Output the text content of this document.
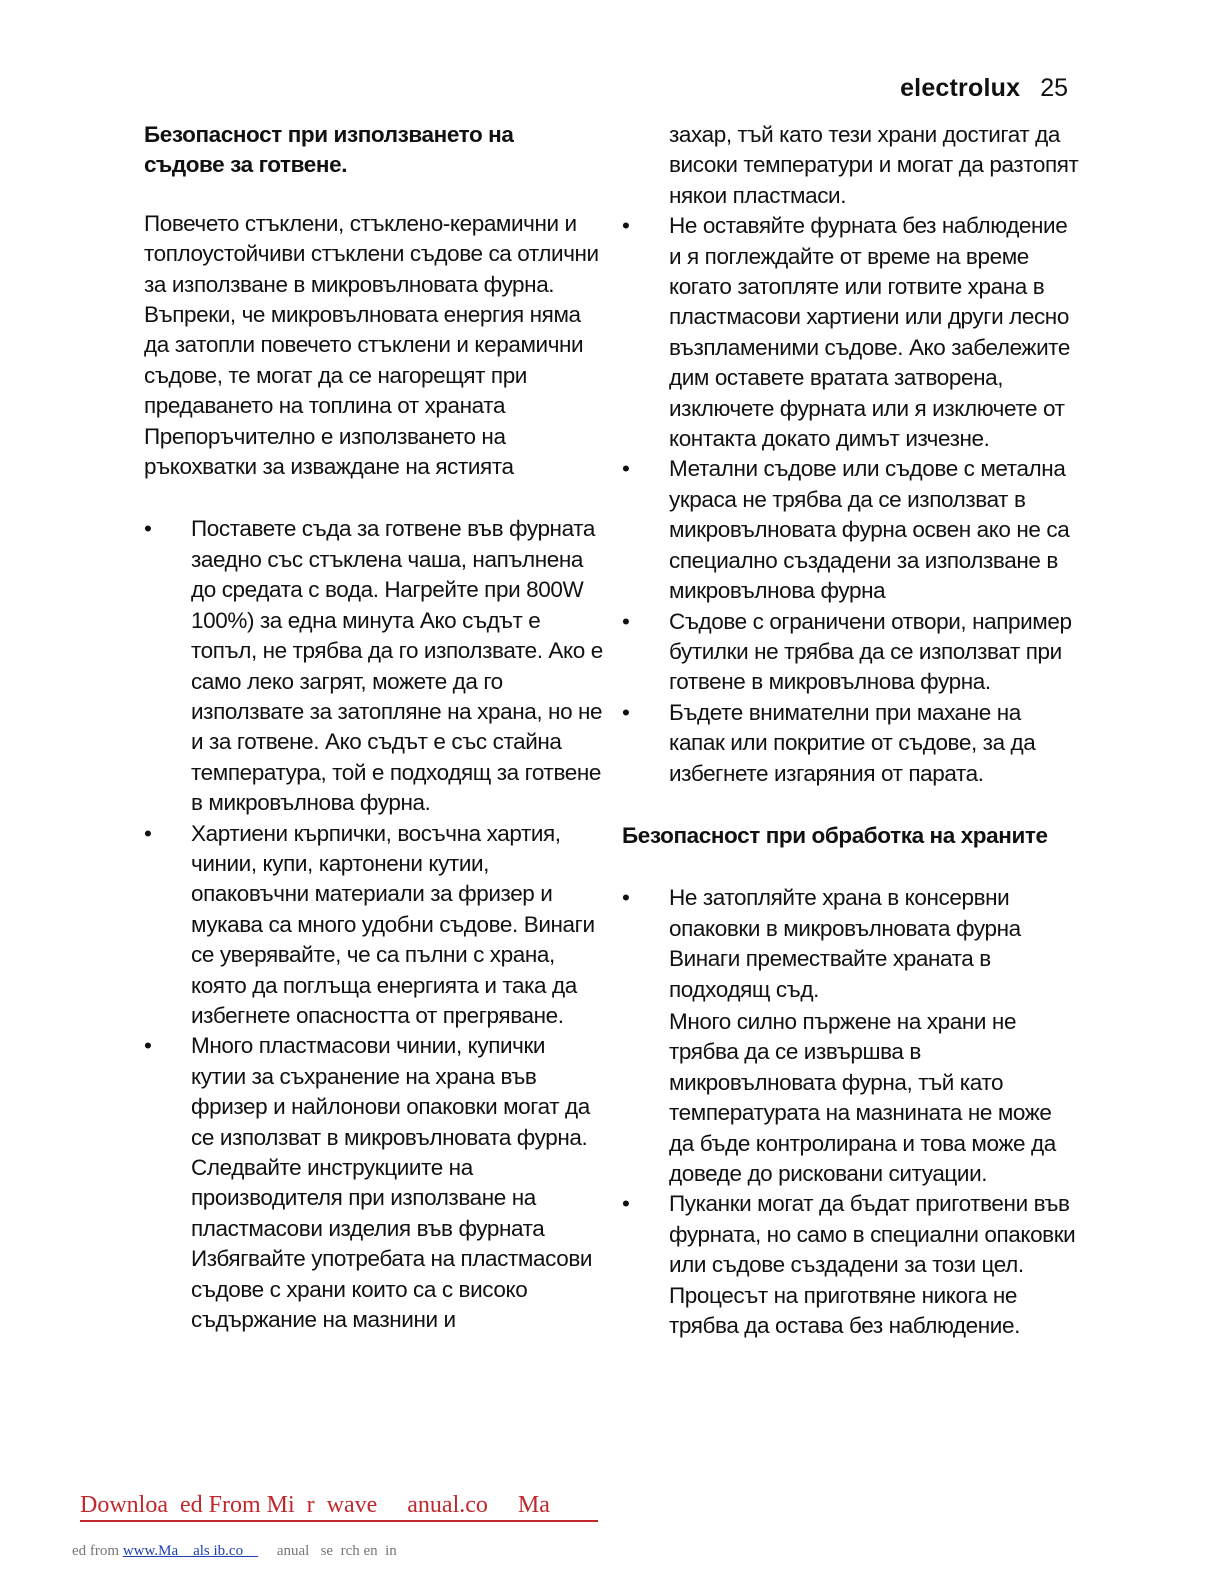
electrolux 25

Безопасност при използването на
съдове за готвене.

Повечето стъклени, стъклено-керамични и топлоустойчиви стъклени съдове са отлични за използване в микровълновата фурна. Въпреки, че микровълновата енергия няма да затопли повечето стъклени и керамични съдове, те могат да се нагорещят при предаването на топлина от храната Препоръчително е използването на ръкохватки за изваждане на ястията

•	Поставете съда за готвене във фурната заедно със стъклена чаша, напълнена до средата с вода. Нагрейте при 800W 100%) за една минута Ако съдът е топъл, не трябва да го използвате. Ако е само леко загрят, можете да го използвате за затопляне на храна, но не и за готвене. Ако съдът е със стайна температура, той е подходящ за готвене в микровълнова фурна.
•	Хартиени кърпички, восъчна хартия, чинии, купи, картонени кутии, опаковъчни материали за фризер и мукава са много удобни съдове. Винаги се уверявайте, че са пълни с храна, която да поглъща енергията и така да избегнете опасността от прегряване.
•	Много пластмасови чинии, купички кутии за съхранение на храна във фризер и найлонови опаковки могат да се използват в микровълновата фурна. Следвайте инструкциите на производителя при използване на пластмасови изделия във фурната Избягвайте употребата на пластмасови съдове с храни които са с високо съдържание на мазнини и
захар, тъй като тези храни достигат да високи температури и могат да разтопят някои пластмаси.
•	Не оставяйте фурната без наблюдение и я поглеждайте от време на време когато затопляте или готвите храна в пластмасови хартиени или други лесно възпламеними съдове. Ако забележите дим оставете вратата затворена, изключете фурната или я изключете от контакта докато димът изчезне.
•	Метални съдове или съдове с метална украса не трябва да се използват в микровълновата фурна освен ако не са специално създадени за използване в микровълнова фурна
•	Съдове с ограничени отвори, например бутилки не трябва да се използват при готвене в микровълнова фурна.
•	Бъдете внимателни при махане на капак или покритие от съдове, за да избегнете изгаряния от парата.

Безопасност при обработка на храните

•	Не затопляйте храна в консервни опаковки в микровълновата фурна Винаги премествайте храната в подходящ съд.
Много силно пържене на храни не трябва да се извършва в микровълновата фурна, тъй като температурата на мазнината не може да бъде контролирана и това може да доведе до рисковани ситуации.
•	Пуканки могат да бъдат приготвени във фурната, но само в специални опаковки или съдове създадени за този цел. Процесът на приготвяне никога не трябва да остава без наблюдение.
Downloa  ed From Mi  r  wave     anual.co     Ma
ed from www.Ma    als ib.co         anual   se  rch en  in
